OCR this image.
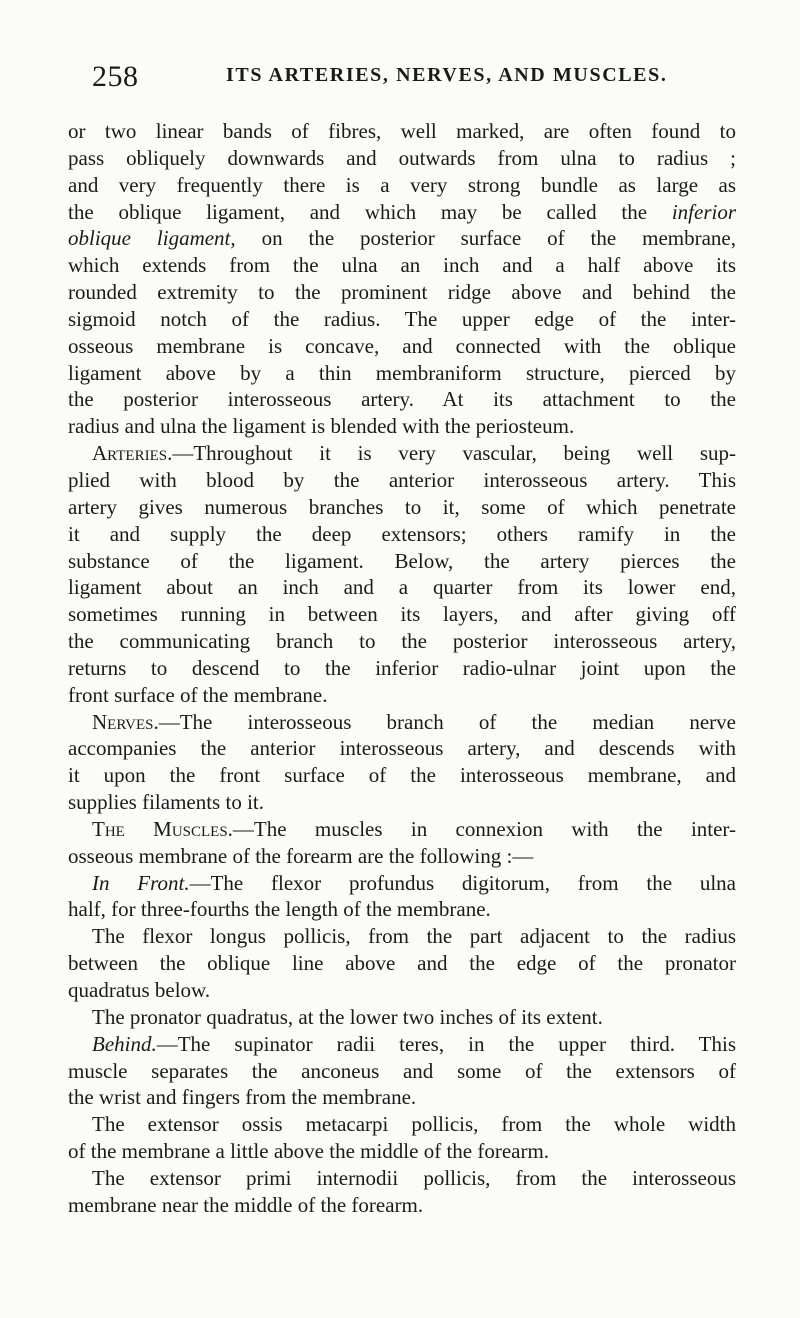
258	ITS ARTERIES, NERVES, AND MUSCLES.
or two linear bands of fibres, well marked, are often found to
pass obliquely downwards and outwards from ulna to radius ;
and very frequently there is a very strong bundle as large as
the oblique ligament, and which may be called the inferior
oblique ligament, on the posterior surface of the membrane,
which extends from the ulna an inch and a half above its
rounded extremity to the prominent ridge above and behind the
sigmoid notch of the radius. The upper edge of the inter-
osseous membrane is concave, and connected with the oblique
ligament above by a thin membraniform structure, pierced by
the posterior interosseous artery. At its attachment to the
radius and ulna the ligament is blended with the periosteum.
Arteries.—Throughout it is very vascular, being well sup-
plied with blood by the anterior interosseous artery. This
artery gives numerous branches to it, some of which penetrate
it and supply the deep extensors; others ramify in the
substance of the ligament. Below, the artery pierces the
ligament about an inch and a quarter from its lower end,
sometimes running in between its layers, and after giving off
the communicating branch to the posterior interosseous artery,
returns to descend to the inferior radio-ulnar joint upon the
front surface of the membrane.
Nerves.—The interosseous branch of the median nerve
accompanies the anterior interosseous artery, and descends with
it upon the front surface of the interosseous membrane, and
supplies filaments to it.
The Muscles.—The muscles in connexion with the inter-
osseous membrane of the forearm are the following :—
In Front.—The flexor profundus digitorum, from the ulna
half, for three-fourths the length of the membrane.
The flexor longus pollicis, from the part adjacent to the radius
between the oblique line above and the edge of the pronator
quadratus below.
The pronator quadratus, at the lower two inches of its extent.
Behind.—The supinator radii teres, in the upper third. This
muscle separates the anconeus and some of the extensors of
the wrist and fingers from the membrane.
The extensor ossis metacarpi pollicis, from the whole width
of the membrane a little above the middle of the forearm.
The extensor primi internodii pollicis, from the interosseous
membrane near the middle of the forearm.
